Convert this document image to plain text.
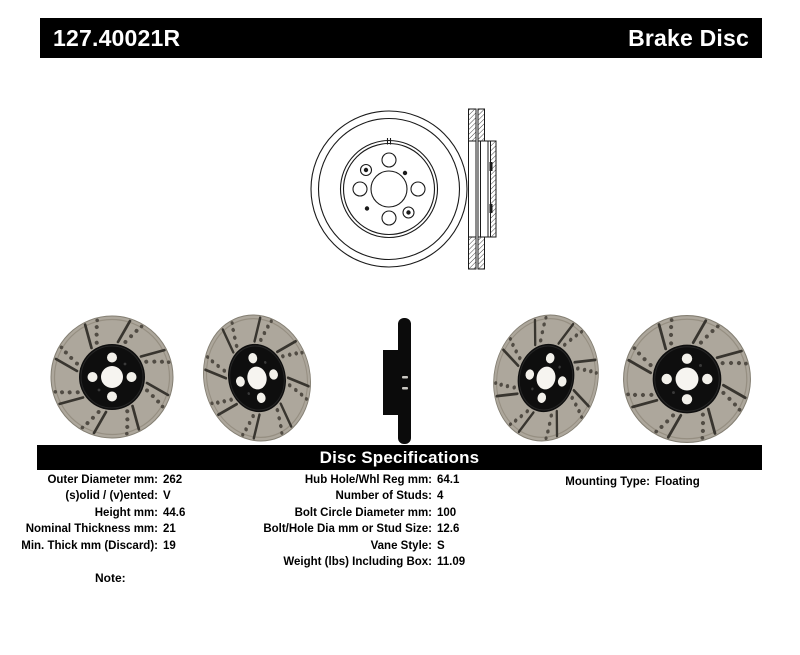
127.40021R	Brake Disc
Disc Specifications
Outer Diameter mm: 262
(s)olid / (v)ented: V
Height mm: 44.6
Nominal Thickness mm: 21
Min. Thick mm (Discard): 19
Hub Hole/Whl Reg mm: 64.1
Number of Studs: 4
Bolt Circle Diameter mm: 100
Bolt/Hole Dia mm or Stud Size: 12.6
Vane Style: S
Weight (lbs) Including Box: 11.09
Mounting Type: Floating
Note:
